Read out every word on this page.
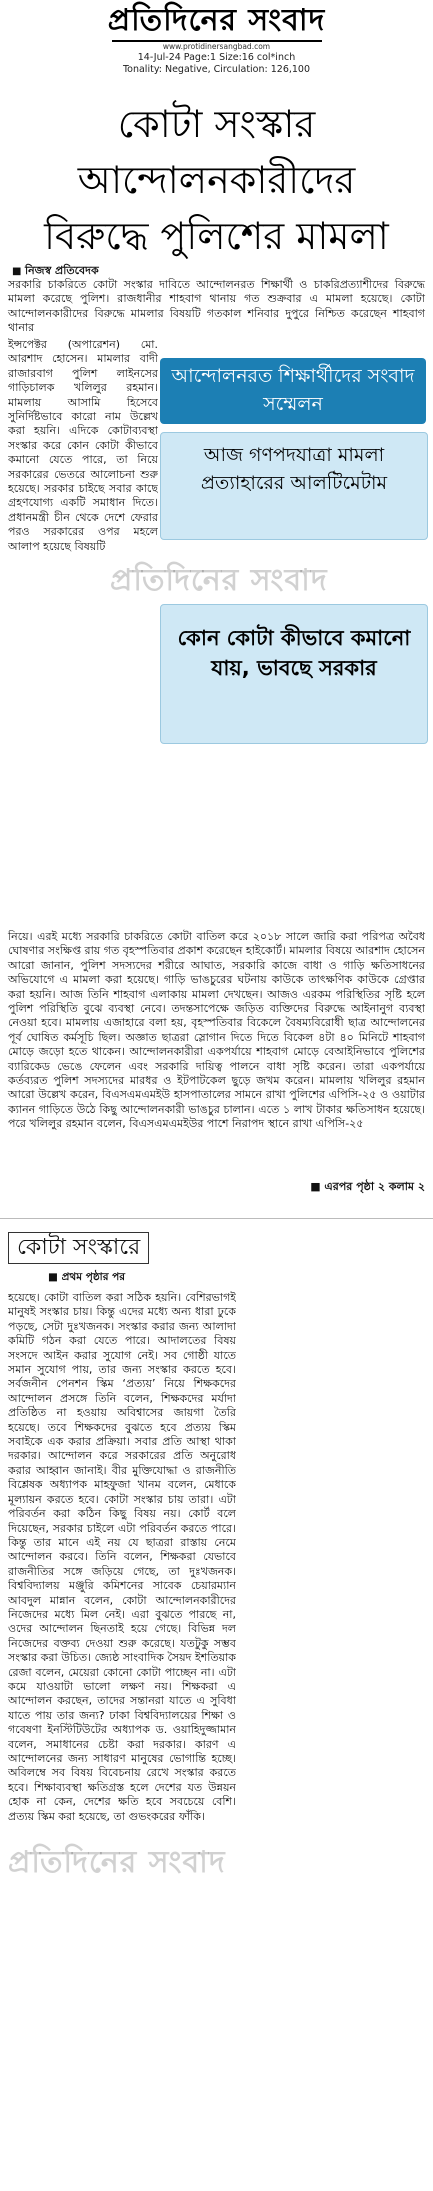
প্রতিদিনের সংবাদ
www.protidinersangbad.com
14-Jul-24 Page:1 Size:16 col*inch
Tonality: Negative, Circulation: 126,100
কোটা সংস্কার
আন্দোলনকারীদের
বিরুদ্ধে পুলিশের মামলা
■ নিজস্ব প্রতিবেদক
সরকারি চাকরিতে কোটা সংস্কার দাবিতে আন্দোলনরত শিক্ষার্থী ও চাকরিপ্রত্যাশীদের বিরুদ্ধে মামলা করেছে পুলিশ। রাজধানীর শাহবাগ থানায় গত শুক্রবার এ মামলা হয়েছে। কোটা আন্দোলনকারীদের বিরুদ্ধে মামলার বিষয়টি গতকাল শনিবার দুপুরে নিশ্চিত করেছেন শাহবাগ থানার
ইন্সপেক্টর (অপারেশন) মো. আরশাদ হোসেন। মামলার বাদী রাজারবাগ পুলিশ লাইনসের গাড়িচালক খলিলুর রহমান। মামলায় আসামি হিসেবে সুনির্দিষ্টভাবে কারো নাম উল্লেখ করা হয়নি। এদিকে কোটাব্যবস্থা সংস্কার করে কোন কোটা কীভাবে কমানো যেতে পারে, তা নিয়ে সরকারের ভেতরে আলোচনা শুরু হয়েছে। সরকার চাইছে সবার কাছে গ্রহণযোগ্য একটি সমাধান দিতে। প্রধানমন্ত্রী চীন থেকে দেশে ফেরার পরও সরকারের ওপর মহলে আলাপ হয়েছে বিষয়টি
আন্দোলনরত শিক্ষার্থীদের সংবাদ সম্মেলন
আজ গণপদযাত্রা মামলা প্রত্যাহারের আলটিমেটাম
কোন কোটা কীভাবে কমানো যায়, ভাবছে সরকার
প্রতিদিনের সংবাদ
নিয়ে। এরই মধ্যে সরকারি চাকরিতে কোটা বাতিল করে ২০১৮ সালে জারি করা পরিপত্র অবৈধ ঘোষণার সংক্ষিপ্ত রায় গত বৃহস্পতিবার প্রকাশ করেছেন হাইকোর্ট। মামলার বিষয়ে আরশাদ হোসেন আরো জানান, পুলিশ সদস্যদের শরীরে আঘাত, সরকারি কাজে বাধা ও গাড়ি ক্ষতিসাধনের অভিযোগে এ মামলা করা হয়েছে। গাড়ি ভাঙচুরের ঘটনায় কাউকে তাৎক্ষণিক কাউকে গ্রেপ্তার করা হয়নি। আজ তিনি শাহবাগ এলাকায় মামলা দেখছেন। আজও এরকম পরিস্থিতির সৃষ্টি হলে পুলিশ পরিস্থিতি বুঝে ব্যবস্থা নেবে। তদন্তসাপেক্ষে জড়িত ব্যক্তিদের বিরুদ্ধে আইনানুগ ব্যবস্থা নেওয়া হবে। মামলায় এজাহারে বলা হয়, বৃহস্পতিবার বিকেলে বৈষম্যবিরোধী ছাত্র আন্দোলনের পূর্ব ঘোষিত কর্মসূচি ছিল। অজ্ঞাত ছাত্ররা স্লোগান দিতে দিতে বিকেল ৪টা ৪০ মিনিটে শাহবাগ মোড়ে জড়ো হতে থাকেন। আন্দোলনকারীরা একপর্যায়ে শাহবাগ মোড়ে বেআইনিভাবে পুলিশের ব্যারিকেড ভেঙে ফেলেন এবং সরকারি দায়িত্ব পালনে বাধা সৃষ্টি করেন। তারা একপর্যায়ে কর্তব্যরত পুলিশ সদস্যদের মারধর ও ইটপাটকেল ছুড়ে জখম করেন। মামলায় খলিলুর রহমান আরো উল্লেখ করেন, বিএসএমএমইউ হাসপাতালের সামনে রাখা পুলিশের এপিসি-২৫ ও ওয়াটার ক্যানন গাড়িতে উঠে কিছু আন্দোলনকারী ভাঙচুর চালান। এতে ১ লাখ টাকার ক্ষতিসাধন হয়েছে। পরে খলিলুর রহমান বলেন, বিএসএমএমইউর পাশে নিরাপদ স্থানে রাখা এপিসি-২৫
■ এরপর পৃষ্ঠা ২ কলাম ২
কোটা সংস্কারে
■ প্রথম পৃষ্ঠার পর
হয়েছে। কোটা বাতিল করা সঠিক হয়নি। বেশিরভাগই মানুষই সংস্কার চায়। কিন্তু এদের মধ্যে অন্য ধারা ঢুকে পড়ছে, সেটা দুঃখজনক। সংস্কার করার জন্য আলাদা কমিটি গঠন করা যেতে পারে। আদালতের বিষয় সংসদে আইন করার সুযোগ নেই। সব গোষ্ঠী যাতে সমান সুযোগ পায়, তার জন্য সংস্কার করতে হবে। সর্বজনীন পেনশন স্কিম ‘প্রত্যয়’ নিয়ে শিক্ষকদের আন্দোলন প্রসঙ্গে তিনি বলেন, শিক্ষকদের মর্যাদা প্রতিষ্ঠিত না হওয়ায় অবিশ্বাসের জায়গা তৈরি হয়েছে। তবে শিক্ষকদের বুঝতে হবে প্রত্যয় স্কিম সবাইকে এক করার প্রক্রিয়া। সবার প্রতি আস্থা থাকা দরকার। আন্দোলন করে সরকারের প্রতি অনুরোধ করার আহ্বান জানাই। বীর মুক্তিযোদ্ধা ও রাজনীতি বিশ্লেষক অধ্যাপক মাহফুজা খানম বলেন, মেধাকে মূল্যায়ন করতে হবে। কোটা সংস্কার চায় তারা। এটা পরিবর্তন করা কঠিন কিছু বিষয় নয়। কোর্ট বলে দিয়েছেন, সরকার চাইলে এটা পরিবর্তন করতে পারে। কিন্তু তার মানে এই নয় যে ছাত্ররা রাস্তায় নেমে আন্দোলন করবে। তিনি বলেন, শিক্ষকরা যেভাবে রাজনীতির সঙ্গে জড়িয়ে গেছে, তা দুঃখজনক। বিশ্ববিদ্যালয় মঞ্জুরি কমিশনের সাবেক চেয়ারম্যান আবদুল মান্নান বলেন, কোটা আন্দোলনকারীদের নিজেদের মধ্যে মিল নেই। এরা বুঝতে পারছে না, ওদের আন্দোলন ছিনতাই হয়ে গেছে। বিভিন্ন দল নিজেদের বক্তব্য দেওয়া শুরু করেছে। যতটুকু সম্ভব সংস্কার করা উচিত। জ্যেষ্ঠ সাংবাদিক সৈয়দ ইশতিয়াক রেজা বলেন, মেয়েরা কোনো কোটা পাচ্ছেন না। এটা কমে যাওয়াটা ভালো লক্ষণ নয়। শিক্ষকরা এ আন্দোলন করছেন, তাদের সন্তানরা যাতে এ সুবিধা যাতে পায় তার জন্য? ঢাকা বিশ্ববিদ্যালয়ের শিক্ষা ও গবেষণা ইনস্টিটিউটের অধ্যাপক ড. ওয়াহিদুজ্জামান বলেন, সমাধানের চেষ্টা করা দরকার। কারণ এ আন্দোলনের জন্য সাধারণ মানুষের ভোগান্তি হচ্ছে। অবিলম্বে সব বিষয় বিবেচনায় রেখে সংস্কার করতে হবে। শিক্ষাব্যবস্থা ক্ষতিগ্রস্ত হলে দেশের যত উন্নয়ন হোক না কেন, দেশের ক্ষতি হবে সবচেয়ে বেশি। প্রত্যয় স্কিম করা হয়েছে, তা গুভংকরের ফাঁকি।
প্রতিদিনের সংবাদ
